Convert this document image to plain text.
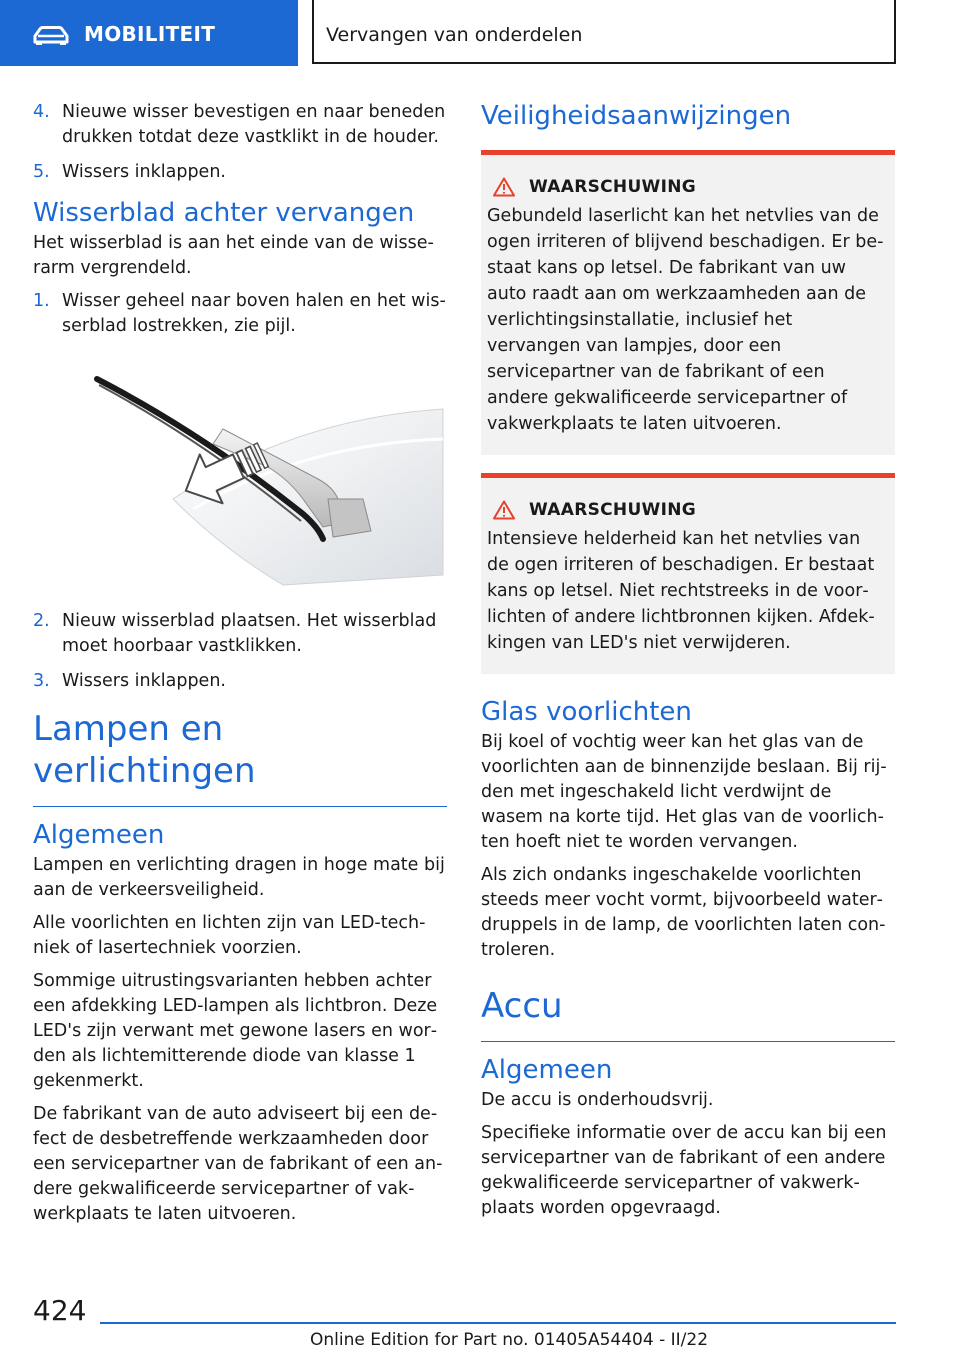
MOBILITEIT	Vervangen van onderdelen
4. Nieuwe wisser bevestigen en naar beneden drukken totdat deze vastklikt in de houder.
5. Wissers inklappen.
Wisserblad achter vervangen

Het wisserblad is aan het einde van de wisserarm vergrendeld.

1. Wisser geheel naar boven halen en het wisserblad lostrekken, zie pijl.
2. Nieuw wisserblad plaatsen. Het wisserblad moet hoorbaar vastklikken.
3. Wissers inklappen.
Lampen en verlichtingen
Algemeen

Lampen en verlichting dragen in hoge mate bij aan de verkeersveiligheid.

Alle voorlichten en lichten zijn van LED-techniek of lasertechniek voorzien.

Sommige uitrustingsvarianten hebben achter een afdekking LED-lampen als lichtbron. Deze LED's zijn verwant met gewone lasers en worden als lichtemitterende diode van klasse 1 gekenmerkt.

De fabrikant van de auto adviseert bij een defect de desbetreffende werkzaamheden door een servicepartner van de fabrikant of een andere gekwalificeerde servicepartner of vakwerkplaats te laten uitvoeren.

Veiligheidsaanwijzingen
WAARSCHUWING

Gebundeld laserlicht kan het netvlies van de ogen irriteren of blijvend beschadigen. Er bestaat kans op letsel. De fabrikant van uw auto raadt aan om werkzaamheden aan de verlichtingsinstallatie, inclusief het vervangen van lampjes, door een servicepartner van de fabrikant of een andere gekwalificeerde servicepartner of vakwerkplaats te laten uitvoeren.

WAARSCHUWING

Intensieve helderheid kan het netvlies van de ogen irriteren of beschadigen. Er bestaat kans op letsel. Niet rechtstreeks in de voorlichten of andere lichtbronnen kijken. Afdekkingen van LED's niet verwijderen.

Glas voorlichten

Bij koel of vochtig weer kan het glas van de voorlichten aan de binnenzijde beslaan. Bij rijden met ingeschakeld licht verdwijnt de wasem na korte tijd. Het glas van de voorlichten hoeft niet te worden vervangen.

Als zich ondanks ingeschakelde voorlichten steeds meer vocht vormt, bijvoorbeeld waterdruppels in de lamp, de voorlichten laten controleren.

Accu
Algemeen

De accu is onderhoudsvrij.

Specifieke informatie over de accu kan bij een servicepartner van de fabrikant of een andere gekwalificeerde servicepartner of vakwerkplaats worden opgevraagd.

424
Online Edition for Part no. 01405A54404 - II/22
